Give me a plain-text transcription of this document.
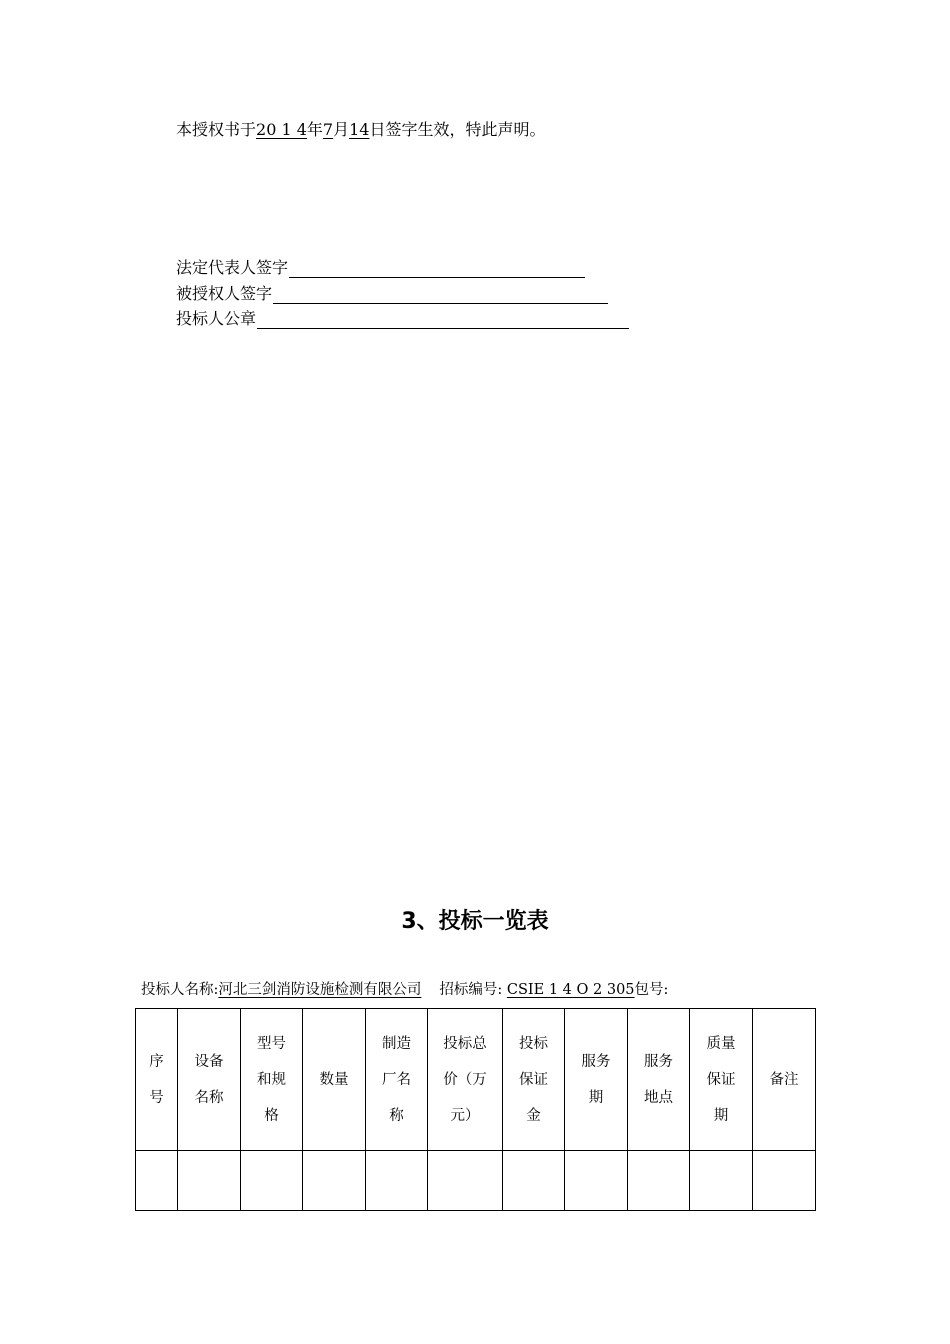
本授权书于20 1 4年7月14日签字生效，特此声明。
法定代表人签字
被授权人签字
投标人公章
3、投标一览表
投标人名称:河北三剑消防设施检测有限公司 招标编号: CSIE 1 4 O 2 305包号:
序号	设备名称	型号和规格	数量	制造厂名称	投标总价（万元）	投标保证金	服务期	服务地点	质量保证期	备注
